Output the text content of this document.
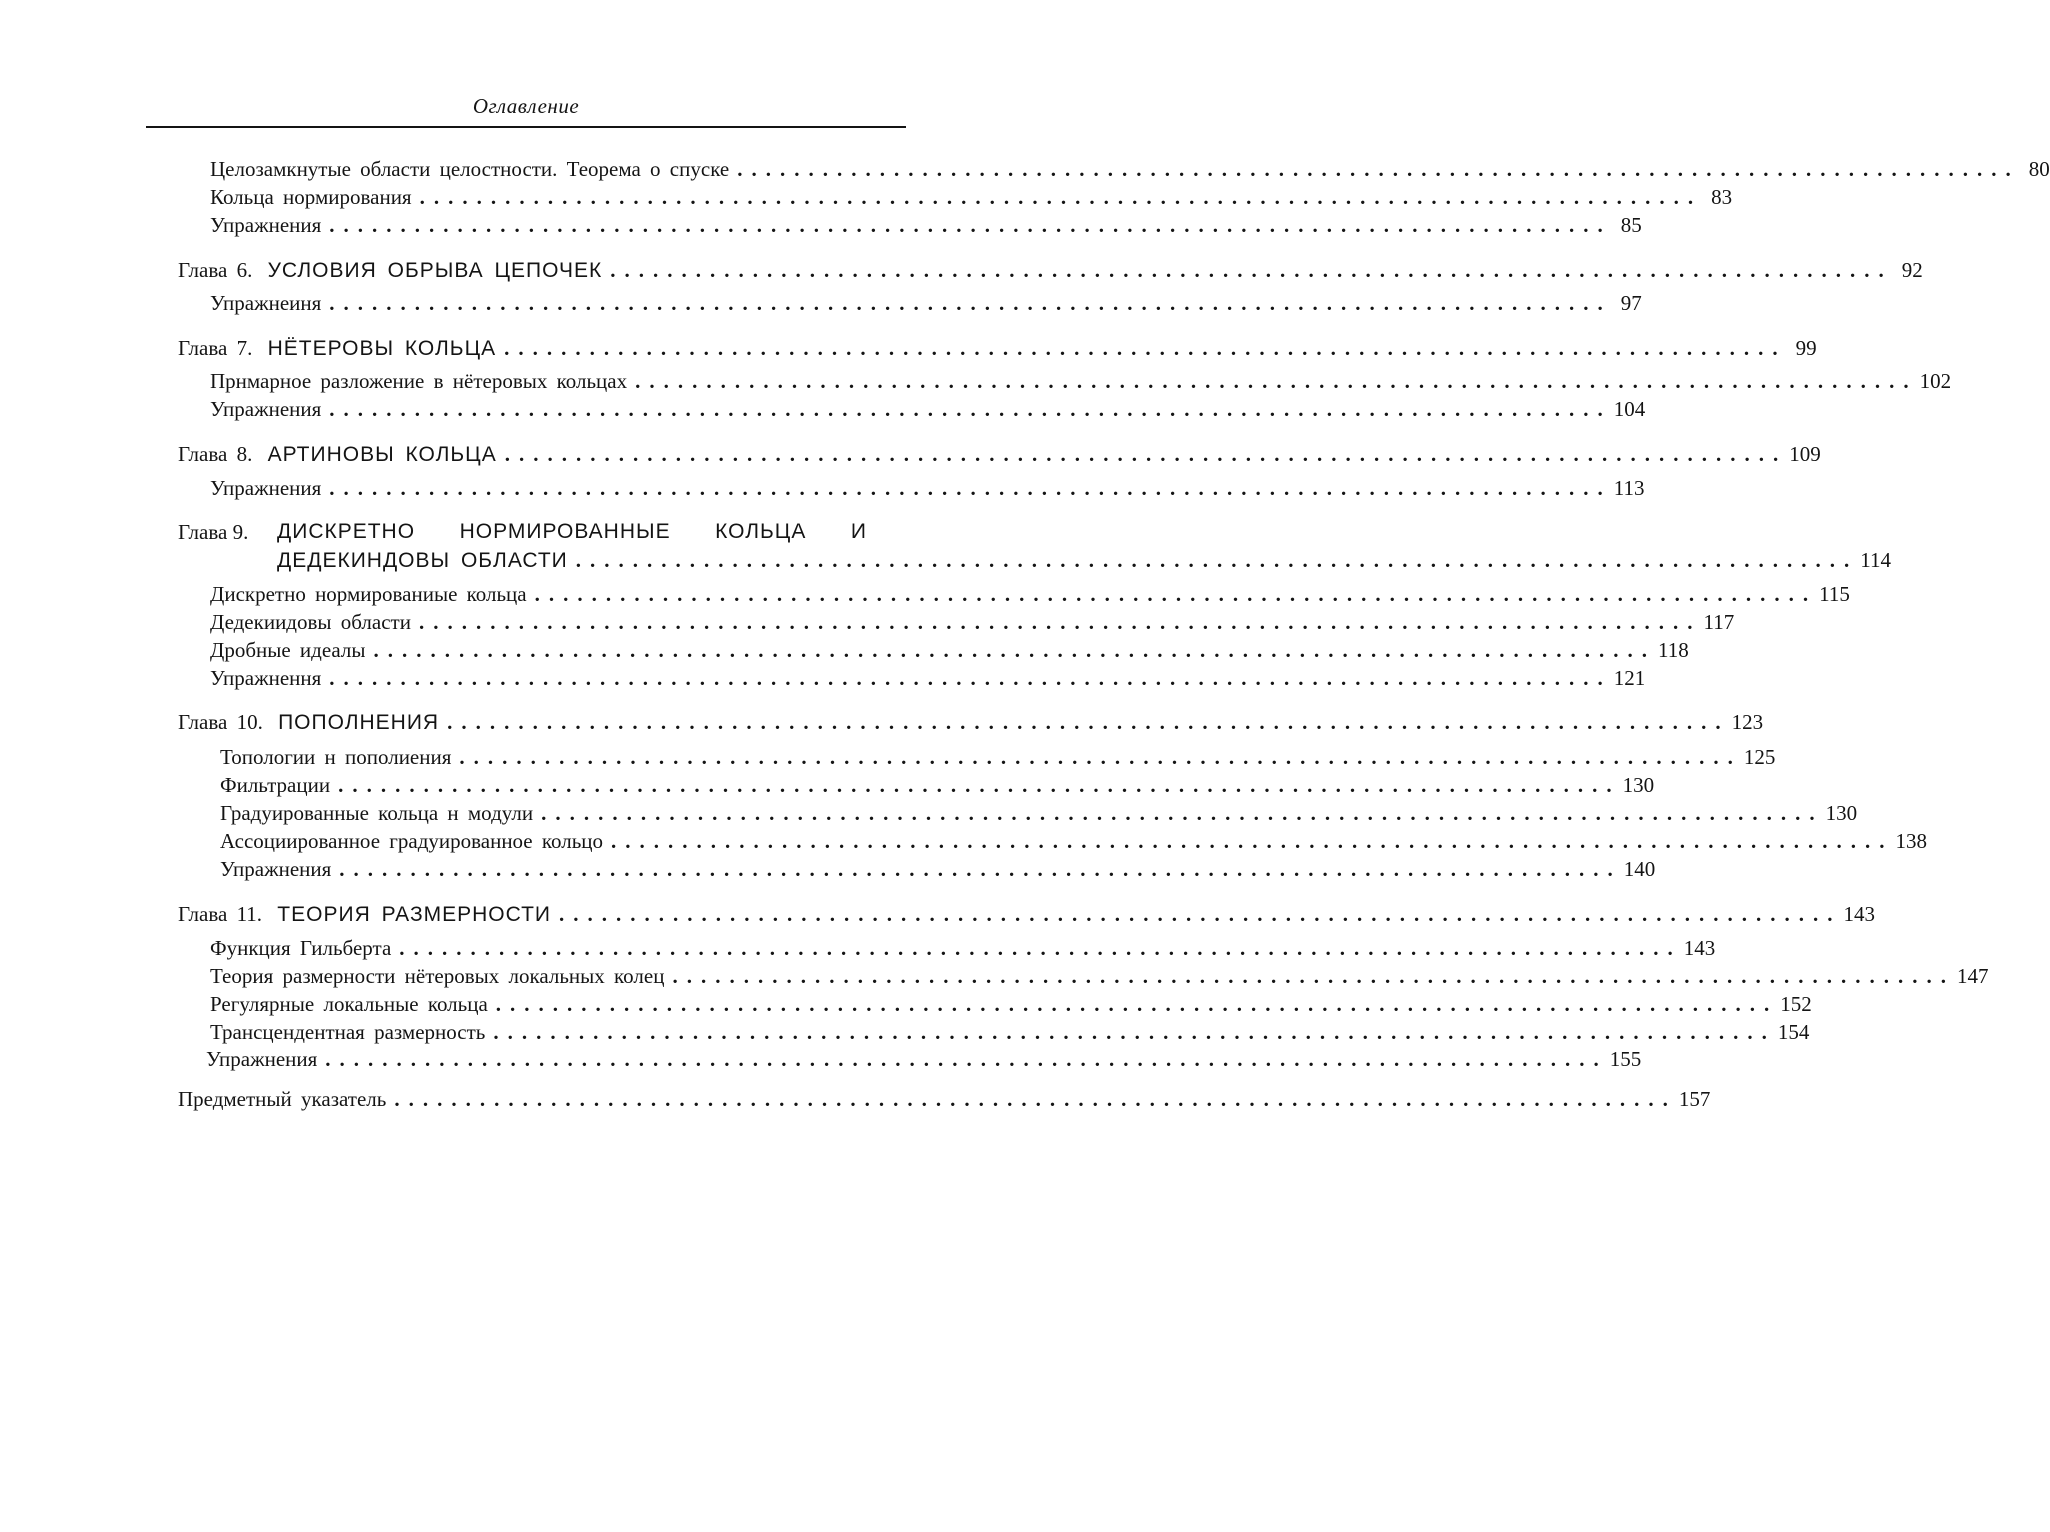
Оглавление
Целозамкнутые области целостности. Теорема о спуске .......................................................................................... 80
Кольца нормирования .......................................................................................... 83
Упражнения .......................................................................................... 85
Глава 6. УСЛОВИЯ ОБРЫВА ЦЕПОЧЕК .......................................................................................... 92
Упражнеиня .......................................................................................... 97
Глава 7. НЁТЕРОВЫ КОЛЬЦА .......................................................................................... 99
Прнмарное разложение в нётеровых кольцах .......................................................................................... 102
Упражнения .......................................................................................... 104
Глава 8. АРТИНОВЫ КОЛЬЦА .......................................................................................... 109
Упражнения .......................................................................................... 113
Глава 9. ДИСКРЕТНО НОРМИРОВАННЫЕ КОЛЬЦА И
ДЕДЕКИНДОВЫ ОБЛАСТИ .......................................................................................... 114
Дискретно нормированиые кольца .......................................................................................... 115
Дедекиидовы области .......................................................................................... 117
Дробные идеалы .......................................................................................... 118
Упражнення .......................................................................................... 121
Глава 10. ПОПОЛНЕНИЯ .......................................................................................... 123
Топологии н пополиения .......................................................................................... 125
Фильтрации .......................................................................................... 130
Градуированные кольца н модули .......................................................................................... 130
Ассоциированное градуированное кольцо .......................................................................................... 138
Упражнения .......................................................................................... 140
Глава 11. ТЕОРИЯ РАЗМЕРНОСТИ .......................................................................................... 143
Функция Гильберта .......................................................................................... 143
Теория размерности нётеровых локальных колец .......................................................................................... 147
Регулярные локальные кольца .......................................................................................... 152
Трансцендентная размерность .......................................................................................... 154
Упражнения .......................................................................................... 155
Предметный указатель .......................................................................................... 157
